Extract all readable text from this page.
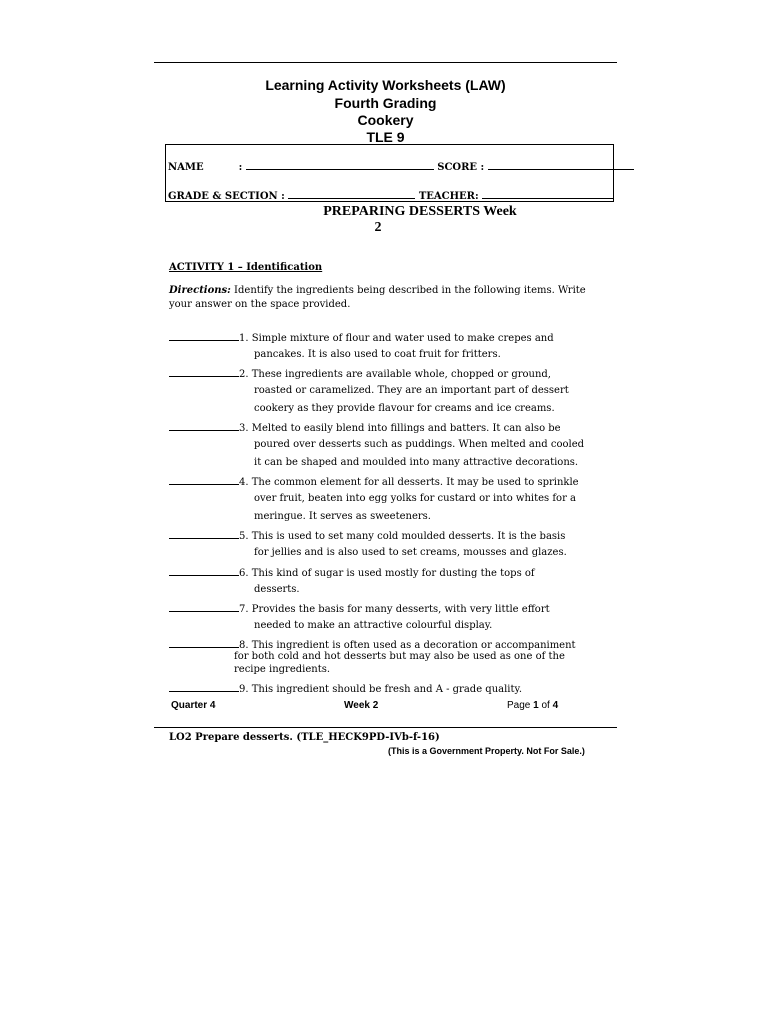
Learning Activity Worksheets (LAW)
Fourth Grading
Cookery
TLE 9
NAME	:	SCORE :
GRADE & SECTION :	TEACHER:
PREPARING DESSERTS Week
2
ACTIVITY 1 – Identification
Directions: Identify the ingredients being described in the following items. Write your answer on the space provided.
1. Simple mixture of flour and water used to make crepes and
pancakes. It is also used to coat fruit for fritters.
2. These ingredients are available whole, chopped or ground,
roasted or caramelized. They are an important part of dessert
cookery as they provide flavour for creams and ice creams.
3. Melted to easily blend into fillings and batters. It can also be
poured over desserts such as puddings. When melted and cooled
it can be shaped and moulded into many attractive decorations.
4. The common element for all desserts. It may be used to sprinkle
over fruit, beaten into egg yolks for custard or into whites for a
meringue. It serves as sweeteners.
5. This is used to set many cold moulded desserts. It is the basis
for jellies and is also used to set creams, mousses and glazes.
6. This kind of sugar is used mostly for dusting the tops of
desserts.
7. Provides the basis for many desserts, with very little effort
needed to make an attractive colourful display.
8. This ingredient is often used as a decoration or accompaniment
for both cold and hot desserts but may also be used as one of the
recipe ingredients.
9. This ingredient should be fresh and A - grade quality.
Quarter 4	Week 2	Page 1 of 4
LO2 Prepare desserts. (TLE_HECK9PD-IVb-f-16)
(This is a Government Property. Not For Sale.)
